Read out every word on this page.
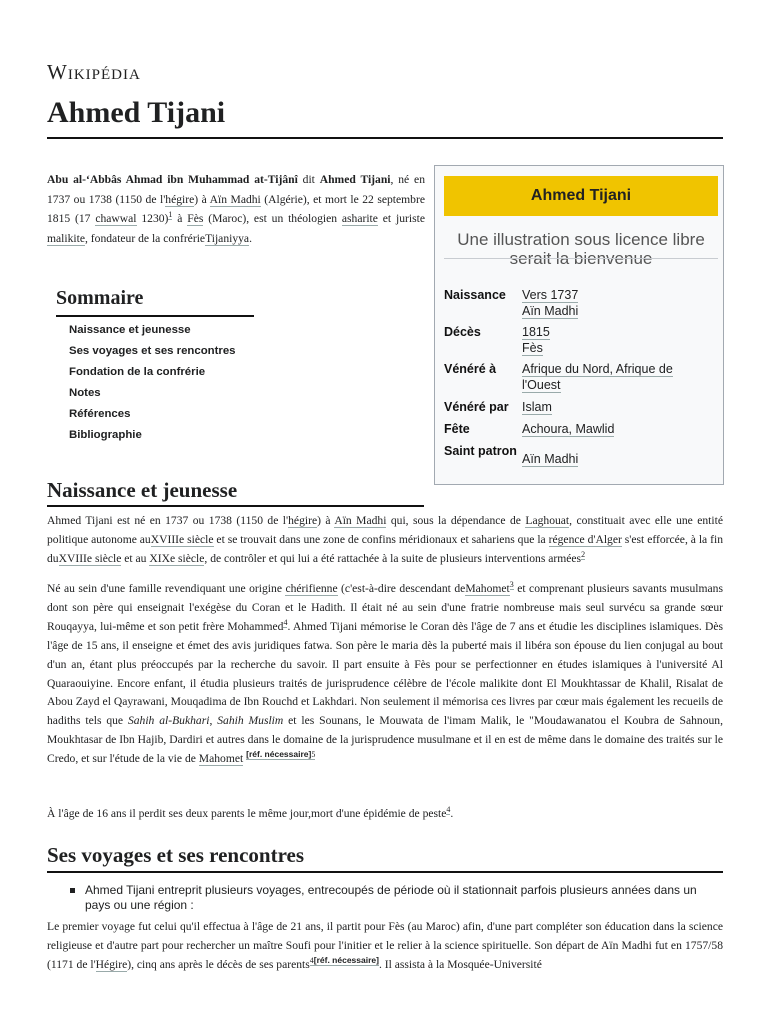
Wikipédia
Ahmed Tijani

Abu al-‘Abbâs Ahmad ibn Muhammad at-Tijânî dit Ahmed Tijani, né en 1737 ou 1738 (1150 de l'hégire) à Aïn Madhi (Algérie), et mort le 22 septembre 1815 (17 chawwal 1230)$^1$ à Fès (Maroc), est un théologien asharite et juriste malikite, fondateur de la confrérieTijaniyya.

Ahmed Tijani
Une illustration sous licence libre serait la bienvenue
Naissance	Vers 1737
Aïn Madhi
Décès	1815
Fès
Vénéré à	Afrique du Nord, Afrique de
l'Ouest
Vénéré par	Islam
Fête	Achoura, Mawlid
Saint patron
Aïn Madhi
Sommaire
Naissance et jeunesse
Ses voyages et ses rencontres
Fondation de la confrérie
Notes
Références
Bibliographie
Naissance et jeunesse

Ahmed Tijani est né en 1737 ou 1738 (1150 de l'hégire) à Aïn Madhi qui, sous la dépendance de Laghouat, constituait avec elle une entité politique autonome auXVIIIe siècle et se trouvait dans une zone de confins méridionaux et sahariens que la régence d'Alger s'est efforcée, à la fin duXVIIIe siècle et au XIXe siècle, de contrôler et qui lui a été rattachée à la suite de plusieurs interventions armées$^2$

Né au sein d'une famille revendiquant une origine chérifienne (c'est-à-dire descendant deMahomet$^3$ et comprenant plusieurs savants musulmans dont son père qui enseignait l'exégèse du Coran et le Hadith. Il était né au sein d'une fratrie nombreuse mais seul survécu sa grande sœur Rouqayya, lui-même et son petit frère Mohammed$^4$. Ahmed Tijani mémorise le Coran dès l'âge de 7 ans et étudie les disciplines islamiques. Dès l'âge de 15 ans, il enseigne et émet des avis juridiques fatwa. Son père le maria dès la puberté mais il libéra son épouse du lien conjugal au bout d'un an, étant plus préoccupés par la recherche du savoir. Il part ensuite à Fès pour se perfectionner en études islamiques à l'université Al Quaraouiyine. Encore enfant, il étudia plusieurs traités de jurisprudence célèbre de l'école malikite dont El Moukhtassar de Khalil, Risalat de Abou Zayd el Qayrawani, Mouqadima de Ibn Rouchd et Lakhdari. Non seulement il mémorisa ces livres par cœur mais également les recueils de hadiths tels que Sahih al-Bukhari, Sahih Muslim et les Sounans, le Mouwata de l'imam Malik, le "Moudawanatou el Koubra de Sahnoun, Moukhtasar de Ibn Hajib, Dardiri et autres dans le domaine de la jurisprudence musulmane et il en est de même dans le domaine des traités sur le Credo, et sur l'étude de la vie de Mahomet $^{[réf. nécessaire]5}$

À l'âge de 16 ans il perdit ses deux parents le même jour,mort d'une épidémie de peste$^4$.

Ses voyages et ses rencontres
Ahmed Tijani entreprit plusieurs voyages, entrecoupés de période où il stationnait parfois plusieurs années dans un pays ou une région :

Le premier voyage fut celui qu'il effectua à l'âge de 21 ans, il partit pour Fès (au Maroc) afin, d'une part compléter son éducation dans la science religieuse et d'autre part pour rechercher un maître Soufi pour l'initier et le relier à la science spirituelle. Son départ de Aïn Madhi fut en 1757/58 (1171 de l'Hégire), cinq ans après le décès de ses parents$^{4[réf. nécessaire]}$. Il assista à la Mosquée-Université
